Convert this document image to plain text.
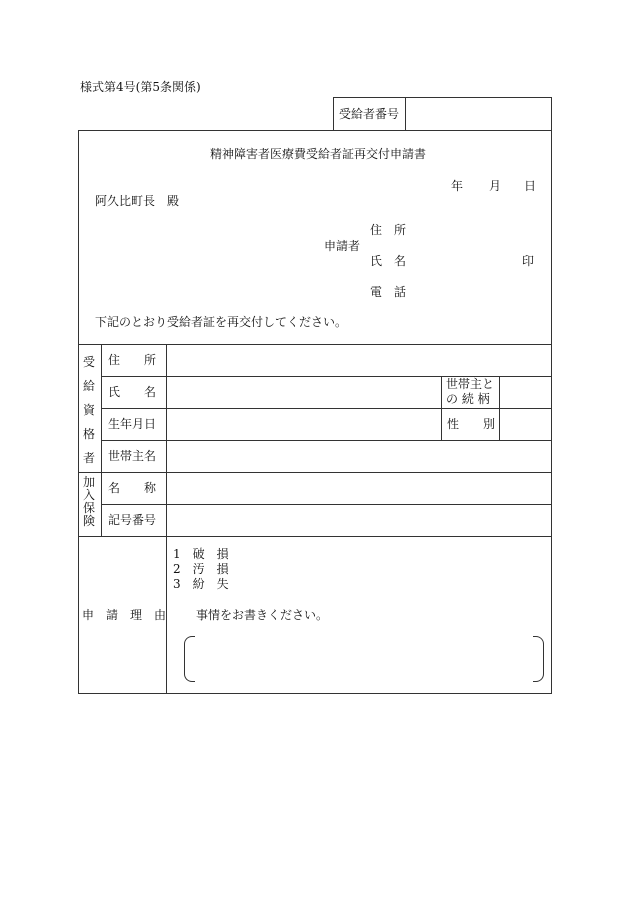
様式第4号(第5条関係)
受給者番号
精神障害者医療費受給者証再交付申請書
年 月 日
阿久比町長　殿
申請者
住　所
氏　名	印
電　話
下記のとおり受給者証を再交付してください。
受
給
資
格
者
住　　所
氏　　名
世帯主と
の 続 柄
生年月日	性　　別
世帯主名
加
入
保
険
名　　称
記号番号
申　請　理　由
1　破　損
2　汚　損
3　紛　失
事情をお書きください。
